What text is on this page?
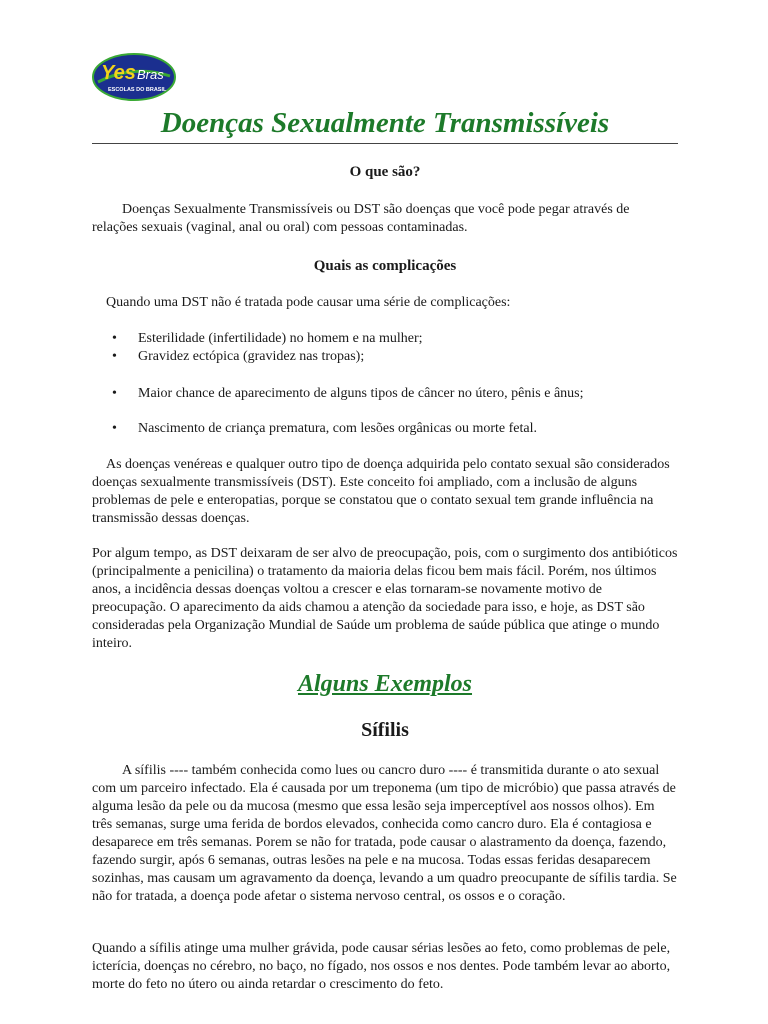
Yes Bras
ESCOLAS DO BRASIL
Doenças Sexualmente Transmissíveis

O que são?

Doenças Sexualmente Transmissíveis ou DST são doenças que você pode pegar através de relações sexuais (vaginal, anal ou oral) com pessoas contaminadas.

Quais as complicações

Quando uma DST não é tratada pode causar uma série de complicações:

• Esterilidade (infertilidade) no homem e na mulher;
• Gravidez ectópica (gravidez nas tropas);
• Maior chance de aparecimento de alguns tipos de câncer no útero, pênis e ânus;
• Nascimento de criança prematura, com lesões orgânicas ou morte fetal.

As doenças venéreas e qualquer outro tipo de doença adquirida pelo contato sexual são considerados doenças sexualmente transmissíveis (DST). Este conceito foi ampliado, com a inclusão de alguns problemas de pele e enteropatias, porque se constatou que o contato sexual tem grande influência na transmissão dessas doenças.

Por algum tempo, as DST deixaram de ser alvo de preocupação, pois, com o surgimento dos antibióticos (principalmente a penicilina) o tratamento da maioria delas ficou bem mais fácil. Porém, nos últimos anos, a incidência dessas doenças voltou a crescer e elas tornaram-se novamente motivo de preocupação. O aparecimento da aids chamou a atenção da sociedade para isso, e hoje, as DST são consideradas pela Organização Mundial de Saúde um problema de saúde pública que atinge o mundo inteiro.

Alguns Exemplos
Sífilis

A sífilis ---- também conhecida como lues ou cancro duro ---- é transmitida durante o ato sexual com um parceiro infectado. Ela é causada por um treponema (um tipo de micróbio) que passa através de alguma lesão da pele ou da mucosa (mesmo que essa lesão seja imperceptível aos nossos olhos). Em três semanas, surge uma ferida de bordos elevados, conhecida como cancro duro. Ela é contagiosa e desaparece em três semanas. Porem se não for tratada, pode causar o alastramento da doença, fazendo, fazendo surgir, após 6 semanas, outras lesões na pele e na mucosa. Todas essas feridas desaparecem sozinhas, mas causam um agravamento da doença, levando a um quadro preocupante de sífilis tardia. Se não for tratada, a doença pode afetar o sistema nervoso central, os ossos e o coração.

Quando a sífilis atinge uma mulher grávida, pode causar sérias lesões ao feto, como problemas de pele, icterícia, doenças no cérebro, no baço, no fígado, nos ossos e nos dentes. Pode também levar ao aborto, morte do feto no útero ou ainda retardar o crescimento do feto.
